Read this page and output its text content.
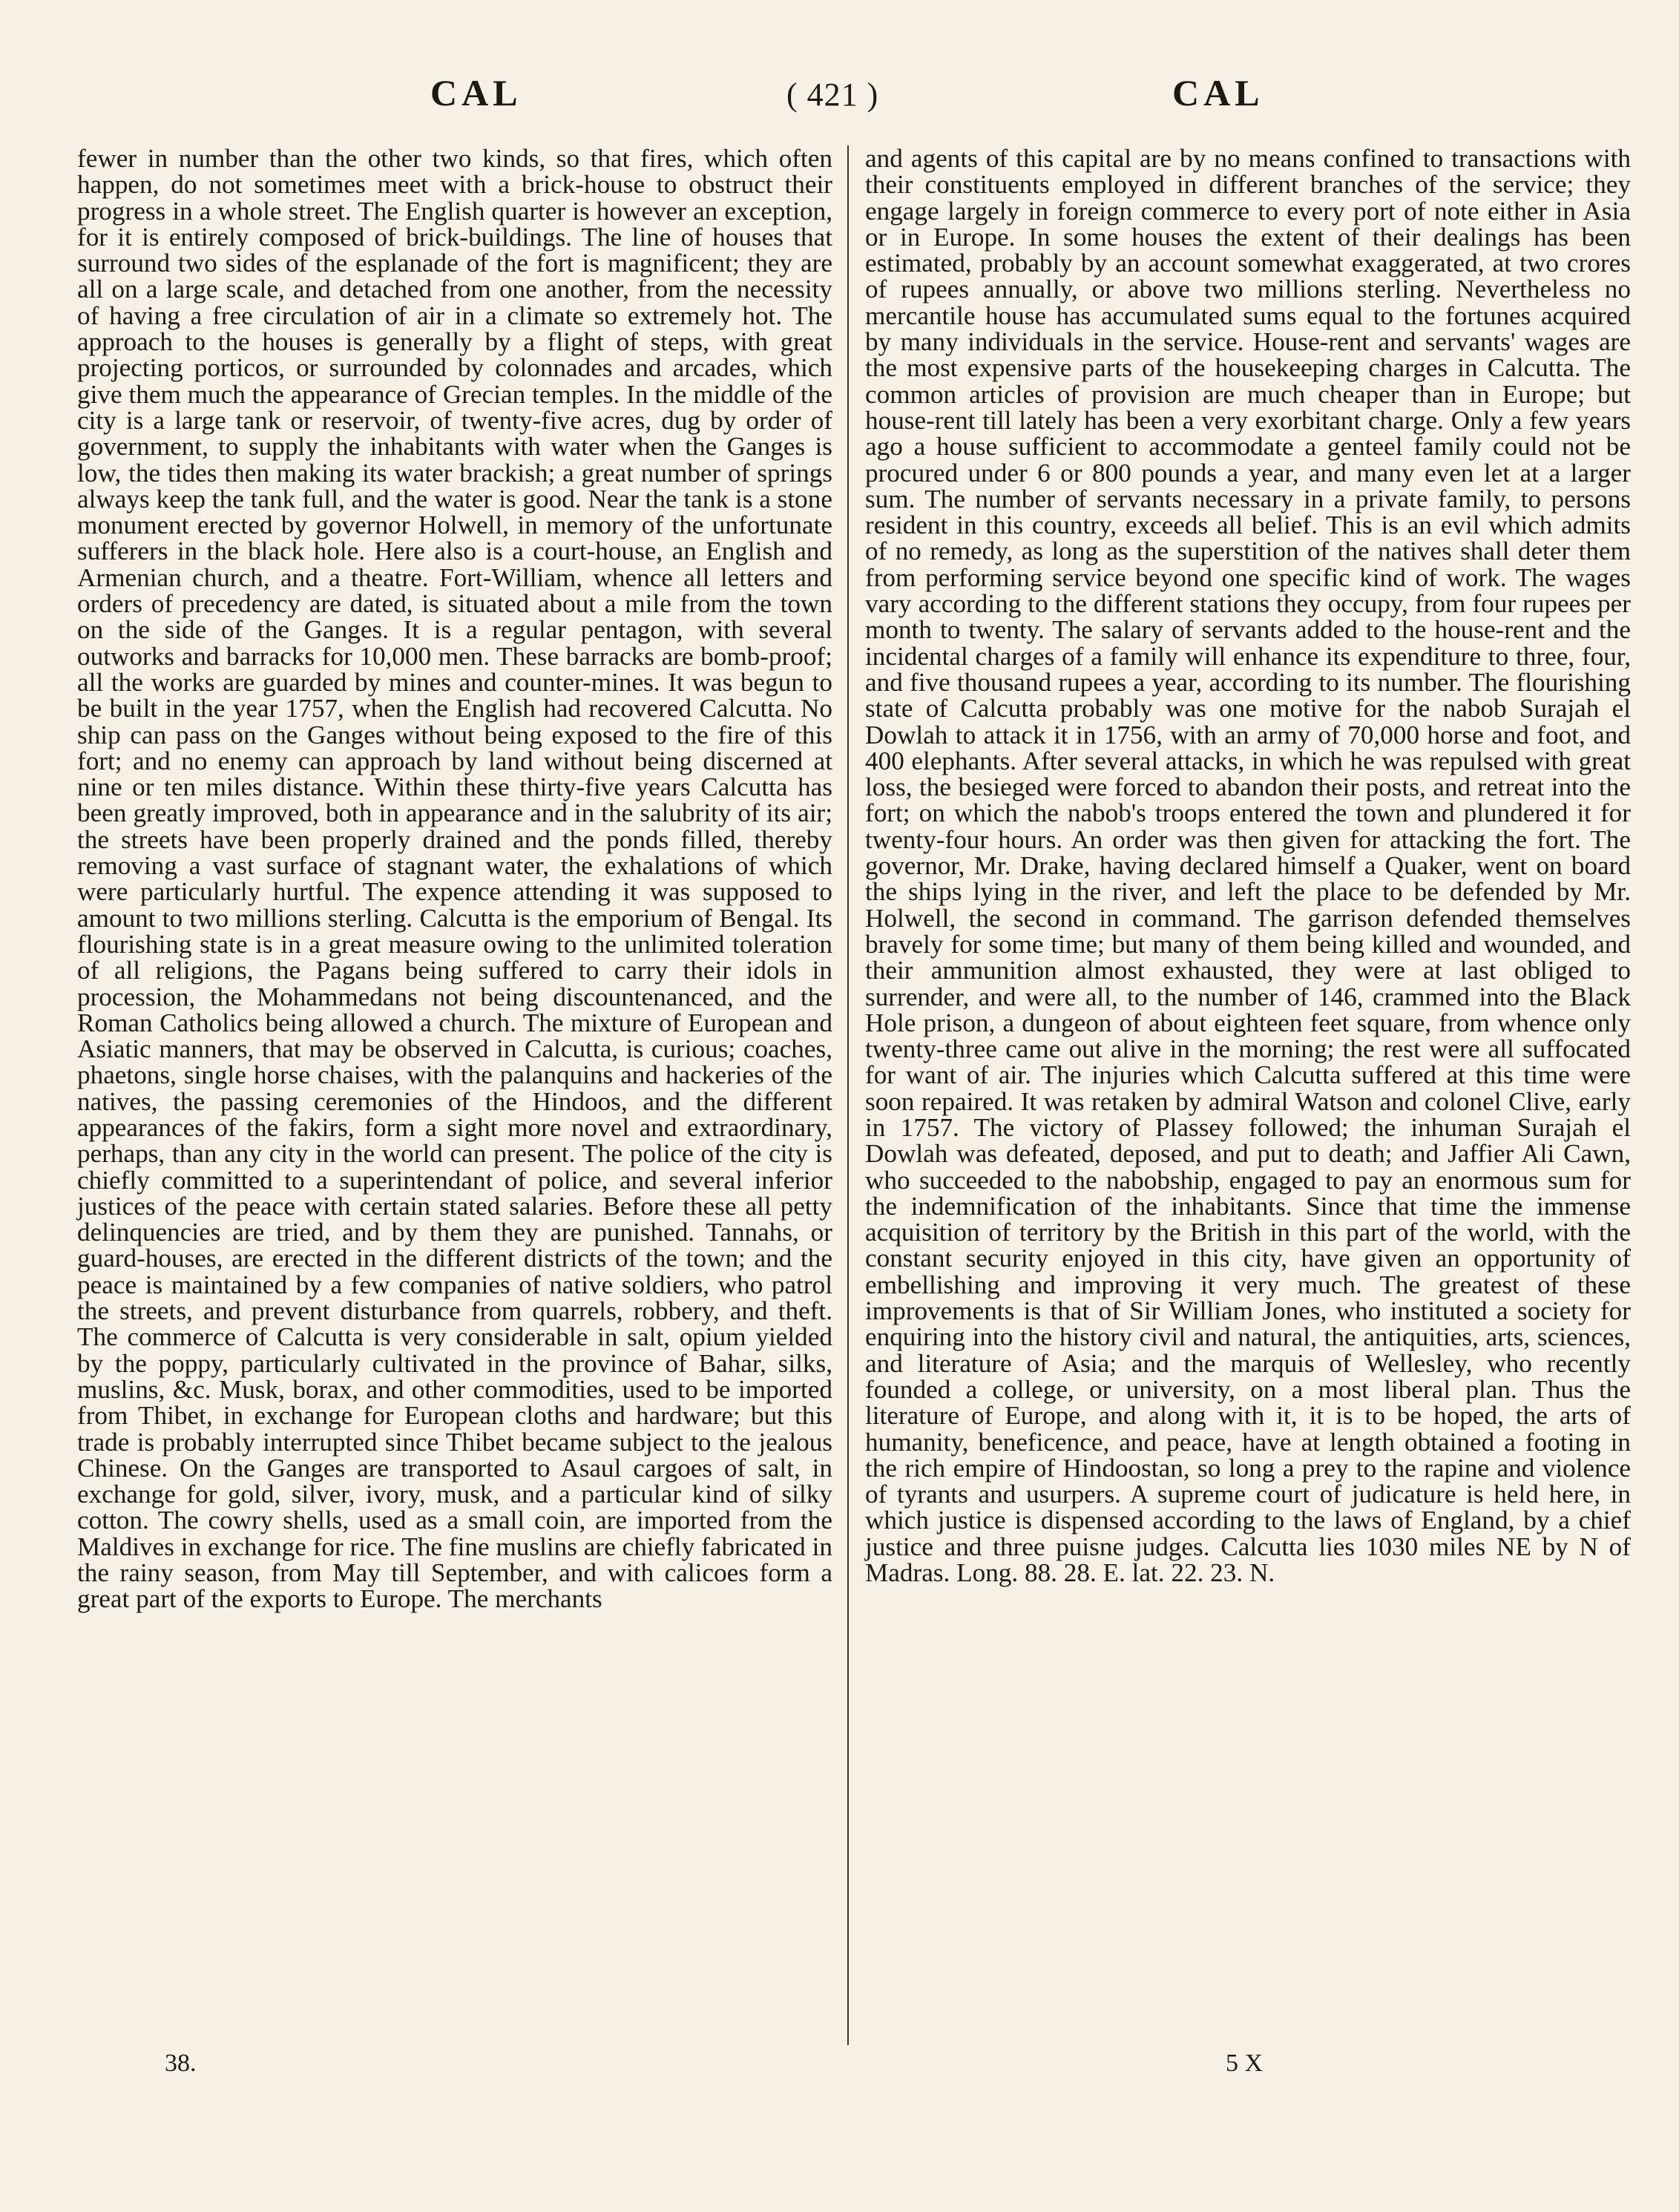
CAL	( 421 )	CAL

fewer in number than the other two kinds, so that fires, which often happen, do not sometimes meet with a brick-house to obstruct their progress in a whole street. The English quarter is however an exception, for it is entirely composed of brick-buildings. The line of houses that surround two sides of the esplanade of the fort is magnificent; they are all on a large scale, and detached from one another, from the necessity of having a free circulation of air in a climate so extremely hot. The approach to the houses is generally by a flight of steps, with great projecting porticos, or surrounded by colonnades and arcades, which give them much the appearance of Grecian temples. In the middle of the city is a large tank or reservoir, of twenty-five acres, dug by order of government, to supply the inhabitants with water when the Ganges is low, the tides then making its water brackish; a great number of springs always keep the tank full, and the water is good. Near the tank is a stone monument erected by governor Holwell, in memory of the unfortunate sufferers in the black hole. Here also is a court-house, an English and Armenian church, and a theatre. Fort-William, whence all letters and orders of precedency are dated, is situated about a mile from the town on the side of the Ganges. It is a regular pentagon, with several outworks and barracks for 10,000 men. These barracks are bomb-proof; all the works are guarded by mines and counter-mines. It was begun to be built in the year 1757, when the English had recovered Calcutta. No ship can pass on the Ganges without being exposed to the fire of this fort; and no enemy can approach by land without being discerned at nine or ten miles distance. Within these thirty-five years Calcutta has been greatly improved, both in appearance and in the salubrity of its air; the streets have been properly drained and the ponds filled, thereby removing a vast surface of stagnant water, the exhalations of which were particularly hurtful. The expence attending it was supposed to amount to two millions sterling. Calcutta is the emporium of Bengal. Its flourishing state is in a great measure owing to the unlimited toleration of all religions, the Pagans being suffered to carry their idols in procession, the Mohammedans not being discountenanced, and the Roman Catholics being allowed a church. The mixture of European and Asiatic manners, that may be observed in Calcutta, is curious; coaches, phaetons, single horse chaises, with the palanquins and hackeries of the natives, the passing ceremonies of the Hindoos, and the different appearances of the fakirs, form a sight more novel and extraordinary, perhaps, than any city in the world can present. The police of the city is chiefly committed to a superintendant of police, and several inferior justices of the peace with certain stated salaries. Before these all petty delinquencies are tried, and by them they are punished. Tannahs, or guard-houses, are erected in the different districts of the town; and the peace is maintained by a few companies of native soldiers, who patrol the streets, and prevent disturbance from quarrels, robbery, and theft. The commerce of Calcutta is very considerable in salt, opium yielded by the poppy, particularly cultivated in the province of Bahar, silks, muslins, &c. Musk, borax, and other commodities, used to be imported from Thibet, in exchange for European cloths and hardware; but this trade is probably interrupted since Thibet became subject to the jealous Chinese. On the Ganges are transported to Asaul cargoes of salt, in exchange for gold, silver, ivory, musk, and a particular kind of silky cotton. The cowry shells, used as a small coin, are imported from the Maldives in exchange for rice. The fine muslins are chiefly fabricated in the rainy season, from May till September, and with calicoes form a great part of the exports to Europe. The merchants

and agents of this capital are by no means confined to transactions with their constituents employed in different branches of the service; they engage largely in foreign commerce to every port of note either in Asia or in Europe. In some houses the extent of their dealings has been estimated, probably by an account somewhat exaggerated, at two crores of rupees annually, or above two millions sterling. Nevertheless no mercantile house has accumulated sums equal to the fortunes acquired by many individuals in the service. House-rent and servants' wages are the most expensive parts of the housekeeping charges in Calcutta. The common articles of provision are much cheaper than in Europe; but house-rent till lately has been a very exorbitant charge. Only a few years ago a house sufficient to accommodate a genteel family could not be procured under 6 or 800 pounds a year, and many even let at a larger sum. The number of servants necessary in a private family, to persons resident in this country, exceeds all belief. This is an evil which admits of no remedy, as long as the superstition of the natives shall deter them from performing service beyond one specific kind of work. The wages vary according to the different stations they occupy, from four rupees per month to twenty. The salary of servants added to the house-rent and the incidental charges of a family will enhance its expenditure to three, four, and five thousand rupees a year, according to its number. The flourishing state of Calcutta probably was one motive for the nabob Surajah el Dowlah to attack it in 1756, with an army of 70,000 horse and foot, and 400 elephants. After several attacks, in which he was repulsed with great loss, the besieged were forced to abandon their posts, and retreat into the fort; on which the nabob's troops entered the town and plundered it for twenty-four hours. An order was then given for attacking the fort. The governor, Mr. Drake, having declared himself a Quaker, went on board the ships lying in the river, and left the place to be defended by Mr. Holwell, the second in command. The garrison defended themselves bravely for some time; but many of them being killed and wounded, and their ammunition almost exhausted, they were at last obliged to surrender, and were all, to the number of 146, crammed into the Black Hole prison, a dungeon of about eighteen feet square, from whence only twenty-three came out alive in the morning; the rest were all suffocated for want of air. The injuries which Calcutta suffered at this time were soon repaired. It was retaken by admiral Watson and colonel Clive, early in 1757. The victory of Plassey followed; the inhuman Surajah el Dowlah was defeated, deposed, and put to death; and Jaffier Ali Cawn, who succeeded to the nabobship, engaged to pay an enormous sum for the indemnification of the inhabitants. Since that time the immense acquisition of territory by the British in this part of the world, with the constant security enjoyed in this city, have given an opportunity of embellishing and improving it very much. The greatest of these improvements is that of Sir William Jones, who instituted a society for enquiring into the history civil and natural, the antiquities, arts, sciences, and literature of Asia; and the marquis of Wellesley, who recently founded a college, or university, on a most liberal plan. Thus the literature of Europe, and along with it, it is to be hoped, the arts of humanity, beneficence, and peace, have at length obtained a footing in the rich empire of Hindoostan, so long a prey to the rapine and violence of tyrants and usurpers. A supreme court of judicature is held here, in which justice is dispensed according to the laws of England, by a chief justice and three puisne judges. Calcutta lies 1030 miles NE by N of Madras. Long. 88. 28. E. lat. 22. 23. N.

38.	5 X
